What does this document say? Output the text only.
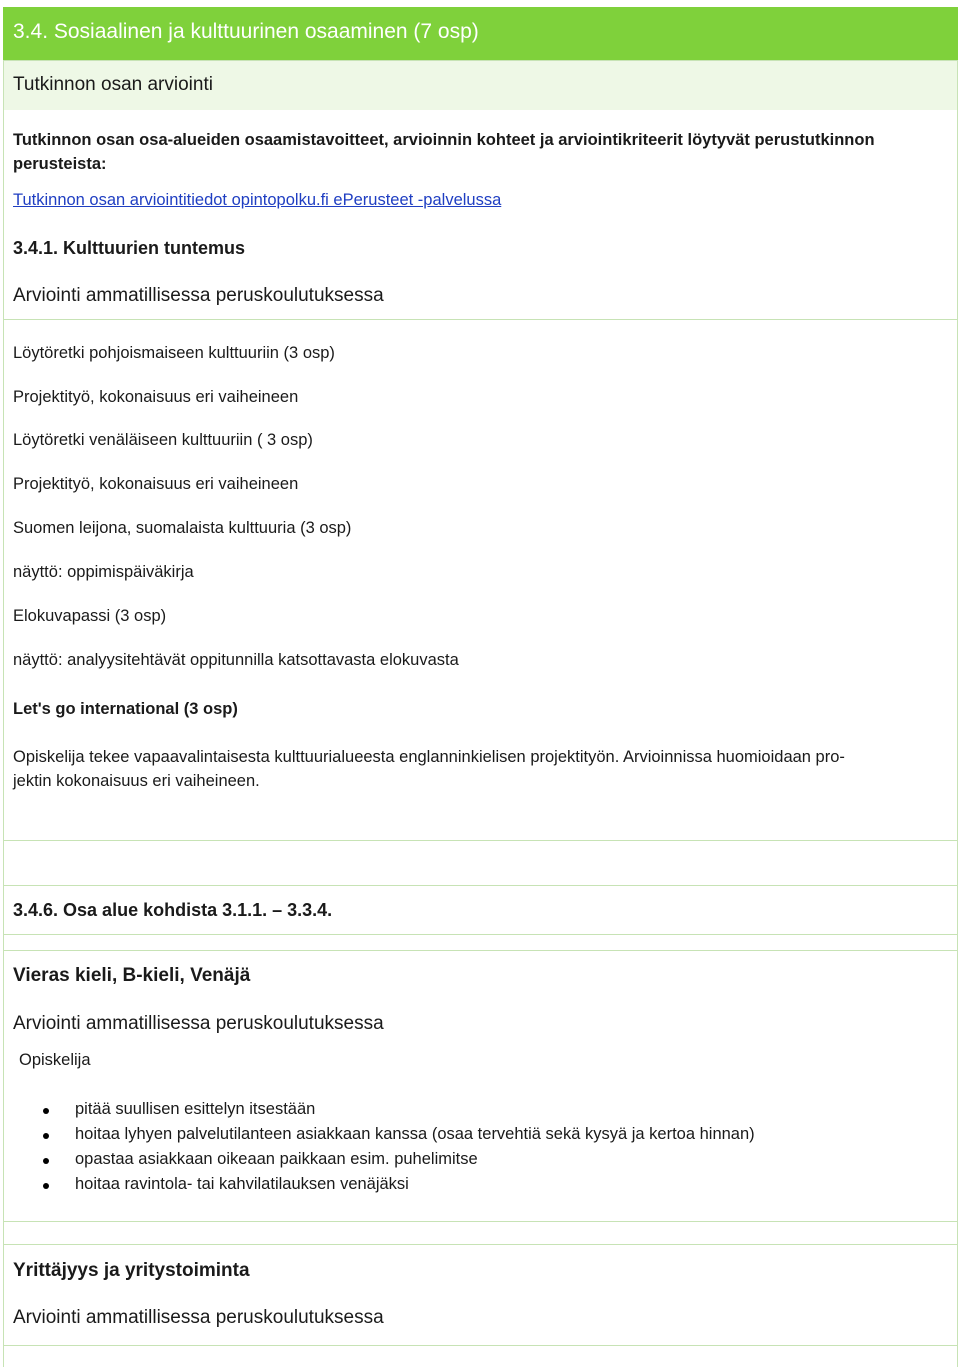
3.4. Sosiaalinen ja kulttuurinen osaaminen (7 osp)
Tutkinnon osan arviointi
Tutkinnon osan osa-alueiden osaamistavoitteet, arvioinnin kohteet ja arviointikriteerit löytyvät perustutkinnon
perusteista:
Tutkinnon osan arviointitiedot opintopolku.fi ePerusteet -palvelussa
3.4.1. Kulttuurien tuntemus
Arviointi ammatillisessa peruskoulutuksessa
Löytöretki pohjoismaiseen kulttuuriin (3 osp)
Projektityö, kokonaisuus eri vaiheineen
Löytöretki venäläiseen kulttuuriin ( 3 osp)
Projektityö, kokonaisuus eri vaiheineen
Suomen leijona, suomalaista kulttuuria (3 osp)
näyttö: oppimispäiväkirja
Elokuvapassi (3 osp)
näyttö: analyysitehtävät oppitunnilla katsottavasta elokuvasta
Let's go international (3 osp)
Opiskelija tekee vapaavalintaisesta kulttuurialueesta englanninkielisen projektityön. Arvioinnissa huomioidaan pro-
jektin kokonaisuus eri vaiheineen.
3.4.6. Osa alue kohdista 3.1.1. – 3.3.4.
Vieras kieli, B-kieli, Venäjä
Arviointi ammatillisessa peruskoulutuksessa
Opiskelija
pitää suullisen esittelyn itsestään
hoitaa lyhyen palvelutilanteen asiakkaan kanssa (osaa tervehtiä sekä kysyä ja kertoa hinnan)
opastaa asiakkaan oikeaan paikkaan esim. puhelimitse
hoitaa ravintola- tai kahvilatilauksen venäjäksi
Yrittäjyys ja yritystoiminta
Arviointi ammatillisessa peruskoulutuksessa
